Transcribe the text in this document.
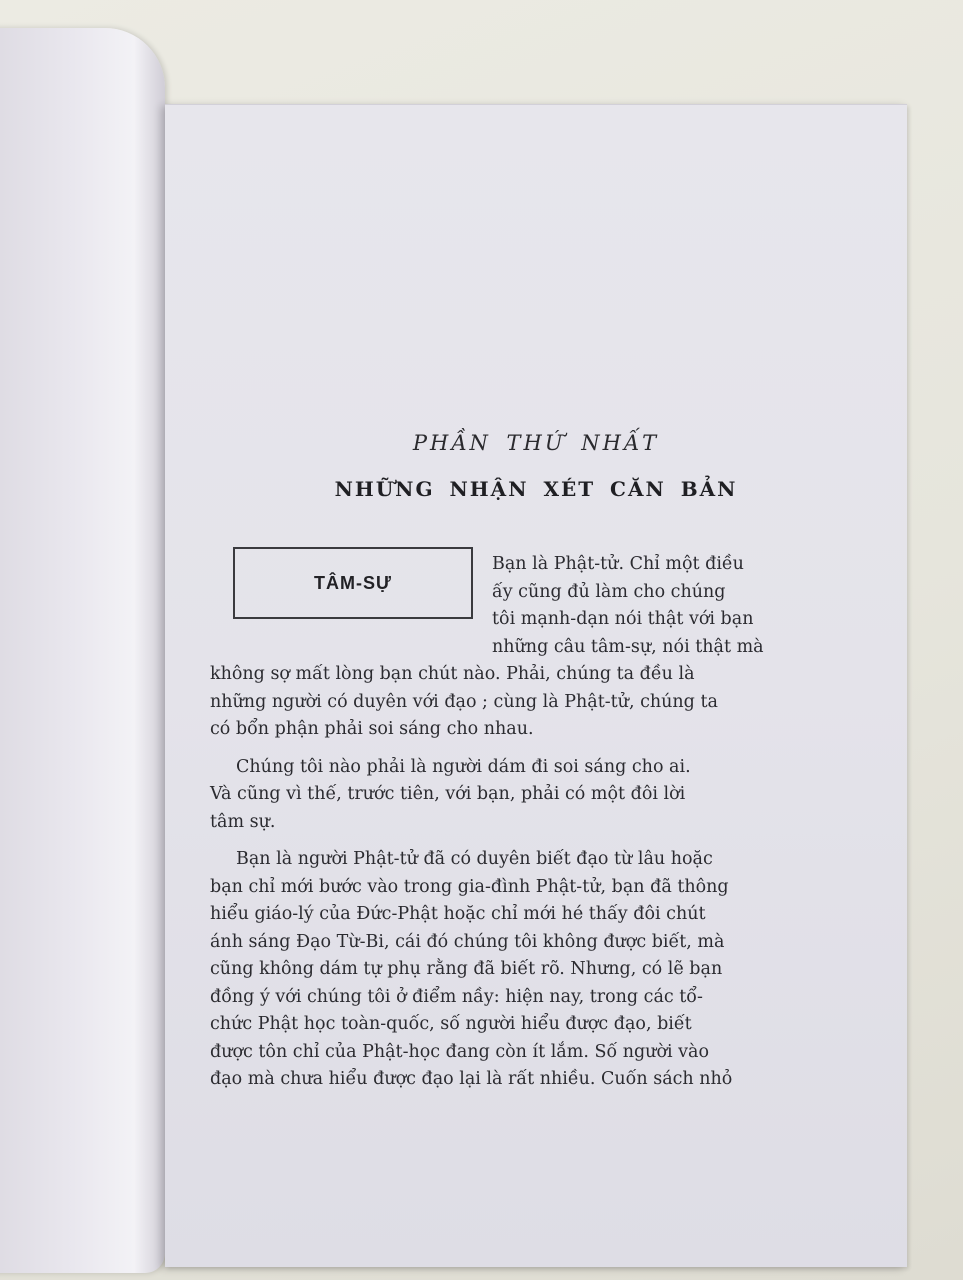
PHẦN THỨ NHẤT
NHỮNG NHẬN XÉT CĂN BẢN
TÂM-SỰ
Bạn là Phật-tử. Chỉ một điều
ấy cũng đủ làm cho chúng
tôi mạnh-dạn nói thật với bạn
những câu tâm-sự, nói thật mà
không sợ mất lòng bạn chút nào. Phải, chúng ta đều là
những người có duyên với đạo ; cùng là Phật-tử, chúng ta
có bổn phận phải soi sáng cho nhau.
Chúng tôi nào phải là người dám đi soi sáng cho ai.
Và cũng vì thế, trước tiên, với bạn, phải có một đôi lời
tâm sự.
Bạn là người Phật-tử đã có duyên biết đạo từ lâu hoặc
bạn chỉ mới bước vào trong gia-đình Phật-tử, bạn đã thông
hiểu giáo-lý của Đức-Phật hoặc chỉ mới hé thấy đôi chút
ánh sáng Đạo Từ-Bi, cái đó chúng tôi không được biết, mà
cũng không dám tự phụ rằng đã biết rõ. Nhưng, có lẽ bạn
đồng ý với chúng tôi ở điểm nầy: hiện nay, trong các tổ-
chức Phật học toàn-quốc, số người hiểu được đạo, biết
được tôn chỉ của Phật-học đang còn ít lắm. Số người vào
đạo mà chưa hiểu được đạo lại là rất nhiều. Cuốn sách nhỏ
